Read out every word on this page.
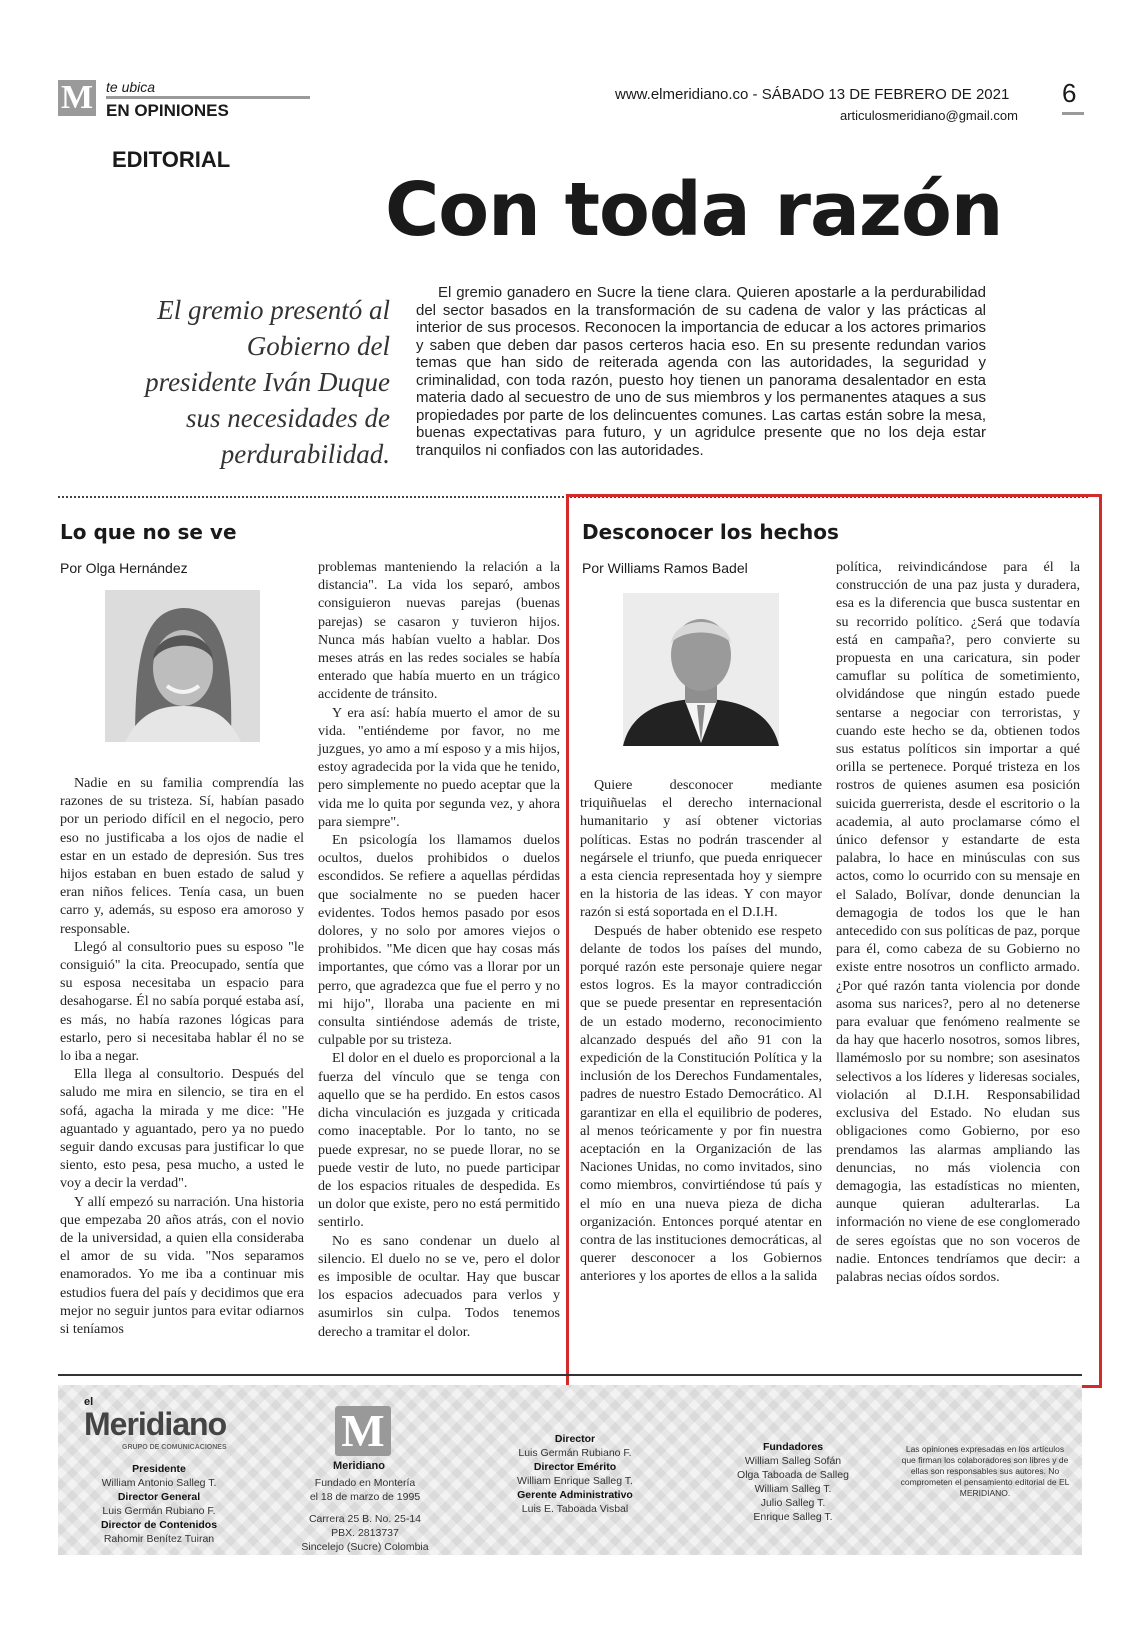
M te ubica
EN OPINIONES
www.elmeridiano.co - SÁBADO 13 DE FEBRERO DE 2021
articulosmeridiano@gmail.com
6
EDITORIAL
Con toda razón
El gremio presentó al Gobierno del presidente Iván Duque sus necesidades de perdurabilidad.

El gremio ganadero en Sucre la tiene clara. Quieren apostarle a la perdurabilidad del sector basados en la transformación de su cadena de valor y las prácticas al interior de sus procesos. Reconocen la importancia de educar a los actores primarios y saben que deben dar pasos certeros hacia eso. En su presente redundan varios temas que han sido de reiterada agenda con las autoridades, la seguridad y criminalidad, con toda razón, puesto hoy tienen un panorama desalentador en esta materia dado al secuestro de uno de sus miembros y los permanentes ataques a sus propiedades por parte de los delincuentes comunes. Las cartas están sobre la mesa, buenas expectativas para futuro, y un agridulce presente que no los deja estar tranquilos ni confiados con las autoridades.

Lo que no se ve
Por Olga Hernández

Nadie en su familia comprendía las razones de su tristeza. Sí, habían pasado por un periodo difícil en el negocio, pero eso no justificaba a los ojos de nadie el estar en un estado de depresión. Sus tres hijos estaban en buen estado de salud y eran niños felices. Tenía casa, un buen carro y, además, su esposo era amoroso y responsable.

Llegó al consultorio pues su esposo "le consiguió" la cita. Preocupado, sentía que su esposa necesitaba un espacio para desahogarse. Él no sabía porqué estaba así, es más, no había razones lógicas para estarlo, pero si necesitaba hablar él no se lo iba a negar.

Ella llega al consultorio. Después del saludo me mira en silencio, se tira en el sofá, agacha la mirada y me dice: "He aguantado y aguantado, pero ya no puedo seguir dando excusas para justificar lo que siento, esto pesa, pesa mucho, a usted le voy a decir la verdad".

Y allí empezó su narración. Una historia que empezaba 20 años atrás, con el novio de la universidad, a quien ella consideraba el amor de su vida. "Nos separamos enamorados. Yo me iba a continuar mis estudios fuera del país y decidimos que era mejor no seguir juntos para evitar odiarnos si teníamos

problemas manteniendo la relación a la distancia". La vida los separó, ambos consiguieron nuevas parejas (buenas parejas) se casaron y tuvieron hijos. Nunca más habían vuelto a hablar. Dos meses atrás en las redes sociales se había enterado que había muerto en un trágico accidente de tránsito.

Y era así: había muerto el amor de su vida. "entiéndeme por favor, no me juzgues, yo amo a mí esposo y a mis hijos, estoy agradecida por la vida que he tenido, pero simplemente no puedo aceptar que la vida me lo quita por segunda vez, y ahora para siempre".

En psicología los llamamos duelos ocultos, duelos prohibidos o duelos escondidos. Se refiere a aquellas pérdidas que socialmente no se pueden hacer evidentes. Todos hemos pasado por esos dolores, y no solo por amores viejos o prohibidos. "Me dicen que hay cosas más importantes, que cómo vas a llorar por un perro, que agradezca que fue el perro y no mi hijo", lloraba una paciente en mi consulta sintiéndose además de triste, culpable por su tristeza.

El dolor en el duelo es proporcional a la fuerza del vínculo que se tenga con aquello que se ha perdido. En estos casos dicha vinculación es juzgada y criticada como inaceptable. Por lo tanto, no se puede expresar, no se puede llorar, no se puede vestir de luto, no puede participar de los espacios rituales de despedida. Es un dolor que existe, pero no está permitido sentirlo.

No es sano condenar un duelo al silencio. El duelo no se ve, pero el dolor es imposible de ocultar. Hay que buscar los espacios adecuados para verlos y asumirlos sin culpa. Todos tenemos derecho a tramitar el dolor.

Desconocer los hechos
Por Williams Ramos Badel

Quiere desconocer mediante triquiñuelas el derecho internacional humanitario y así obtener victorias políticas. Estas no podrán trascender al negársele el triunfo, que pueda enriquecer a esta ciencia representada hoy y siempre en la historia de las ideas. Y con mayor razón si está soportada en el D.I.H.

Después de haber obtenido ese respeto delante de todos los países del mundo, porqué razón este personaje quiere negar estos logros. Es la mayor contradicción que se puede presentar en representación de un estado moderno, reconocimiento alcanzado después del año 91 con la expedición de la Constitución Política y la inclusión de los Derechos Fundamentales, padres de nuestro Estado Democrático. Al garantizar en ella el equilibrio de poderes, al menos teóricamente y por fin nuestra aceptación en la Organización de las Naciones Unidas, no como invitados, sino como miembros, convirtiéndose tú país y el mío en una nueva pieza de dicha organización. Entonces porqué atentar en contra de las instituciones democráticas, al querer desconocer a los Gobiernos anteriores y los aportes de ellos a la salida

política, reivindicándose para él la construcción de una paz justa y duradera, esa es la diferencia que busca sustentar en su recorrido político. ¿Será que todavía está en campaña?, pero convierte su propuesta en una caricatura, sin poder camuflar su política de sometimiento, olvidándose que ningún estado puede sentarse a negociar con terroristas, y cuando este hecho se da, obtienen todos sus estatus políticos sin importar a qué orilla se pertenece. Porqué tristeza en los rostros de quienes asumen esa posición suicida guerrerista, desde el escritorio o la academia, al auto proclamarse cómo el único defensor y estandarte de esta palabra, lo hace en minúsculas con sus actos, como lo ocurrido con su mensaje en el Salado, Bolívar, donde denuncian la demagogia de todos los que le han antecedido con sus políticas de paz, porque para él, como cabeza de su Gobierno no existe entre nosotros un conflicto armado. ¿Por qué razón tanta violencia por donde asoma sus narices?, pero al no detenerse para evaluar que fenómeno realmente se da hay que hacerlo nosotros, somos libres, llamémoslo por su nombre; son asesinatos selectivos a los líderes y lideresas sociales, violación al D.I.H. Responsabilidad exclusiva del Estado. No eludan sus obligaciones como Gobierno, por eso prendamos las alarmas ampliando las denuncias, no más violencia con demagogia, las estadísticas no mienten, aunque quieran adulterarlas. La información no viene de ese conglomerado de seres egoístas que no son voceros de nadie. Entonces tendríamos que decir: a palabras necias oídos sordos.

el
Meridiano
GRUPO DE COMUNICACIONES
Presidente
William Antonio Salleg T.
Director General
Luis Germán Rubiano F.
Director de Contenidos
Rahomir Benítez Tuiran
M
Meridiano
Fundado en Montería
el 18 de marzo de 1995
Carrera 25 B. No. 25-14
PBX. 2813737
Sincelejo (Sucre) Colombia
Director
Luis Germán Rubiano F.
Director Emérito
William Enrique Salleg T.
Gerente Administrativo
Luis E. Taboada Visbal
Fundadores
William Salleg Sofán
Olga Taboada de Salleg
William Salleg T.
Julio Salleg T.
Enrique Salleg T.
Las opiniones expresadas en los artículos que firman los colaboradores son libres y de ellas son responsables sus autores. No comprometen el pensamiento editorial de EL MERIDIANO.
